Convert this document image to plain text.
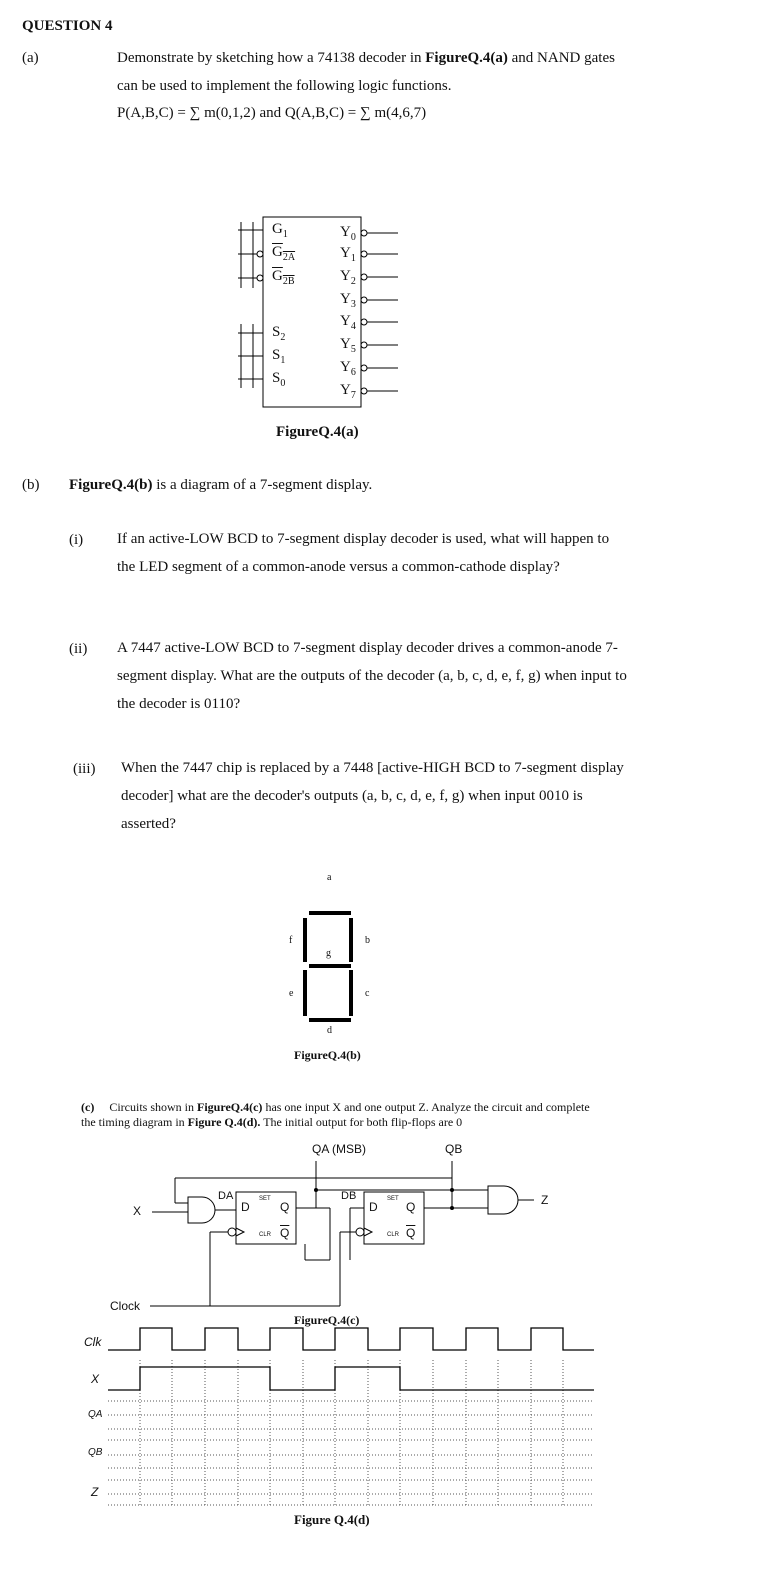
QUESTION 4
(a)	Demonstrate by sketching how a 74138 decoder in FigureQ.4(a) and NAND gates can be used to implement the following logic functions.
P(A,B,C) = ∑ m(0,1,2) and Q(A,B,C) = ∑ m(4,6,7)
$G_1$
$G_{2A}$
$G_{2B}$
$S_2$
$S_1$
$S_0$
$Y_0$
$Y_1$
$Y_2$
$Y_3$
$Y_4$
$Y_5$
$Y_6$
$Y_7$
FigureQ.4(a)
(b) FigureQ.4(b) is a diagram of a 7-segment display.
(i) If an active-LOW BCD to 7-segment display decoder is used, what will happen to the LED segment of a common-anode versus a common-cathode display?
(ii) A 7447 active-LOW BCD to 7-segment display decoder drives a common-anode 7-segment display. What are the outputs of the decoder (a, b, c, d, e, f, g) when input to the decoder is 0110?
(iii) When the 7447 chip is replaced by a 7448 [active-HIGH BCD to 7-segment display decoder] what are the decoder's outputs (a, b, c, d, e, f, g) when input 0010 is asserted?
a
b
c
d
e
f
g
FigureQ.4(b)
(c) Circuits shown in FigureQ.4(c) has one input X and one output Z. Analyze the circuit and complete the timing diagram in Figure Q.4(d). The initial output for both flip-flops are 0
QA (MSB)	QB
X
Z
Clock
DA	DB
D
SET
Q
CLR $\overline{Q}$
D
SET
Q
CLR $\overline{Q}$
FigureQ.4(c)
Clk
X
QA
QB
Z
Figure Q.4(d)
